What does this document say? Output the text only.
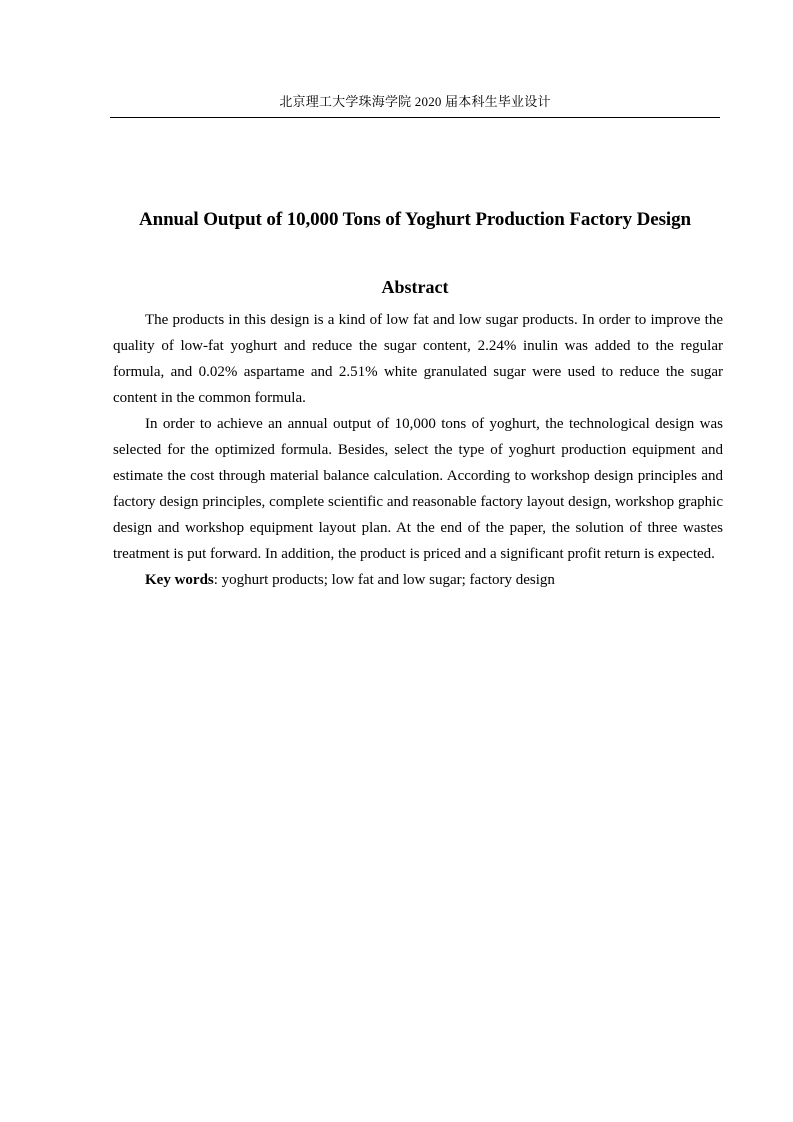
北京理工大学珠海学院 2020 届本科生毕业设计
Annual Output of 10,000 Tons of Yoghurt Production Factory Design
Abstract

The products in this design is a kind of low fat and low sugar products. In order to improve the quality of low-fat yoghurt and reduce the sugar content, 2.24% inulin was added to the regular formula, and 0.02% aspartame and 2.51% white granulated sugar were used to reduce the sugar content in the common formula.

In order to achieve an annual output of 10,000 tons of yoghurt, the technological design was selected for the optimized formula. Besides, select the type of yoghurt production equipment and estimate the cost through material balance calculation. According to workshop design principles and factory design principles, complete scientific and reasonable factory layout design, workshop graphic design and workshop equipment layout plan. At the end of the paper, the solution of three wastes treatment is put forward. In addition, the product is priced and a significant profit return is expected.

Key words: yoghurt products; low fat and low sugar; factory design
